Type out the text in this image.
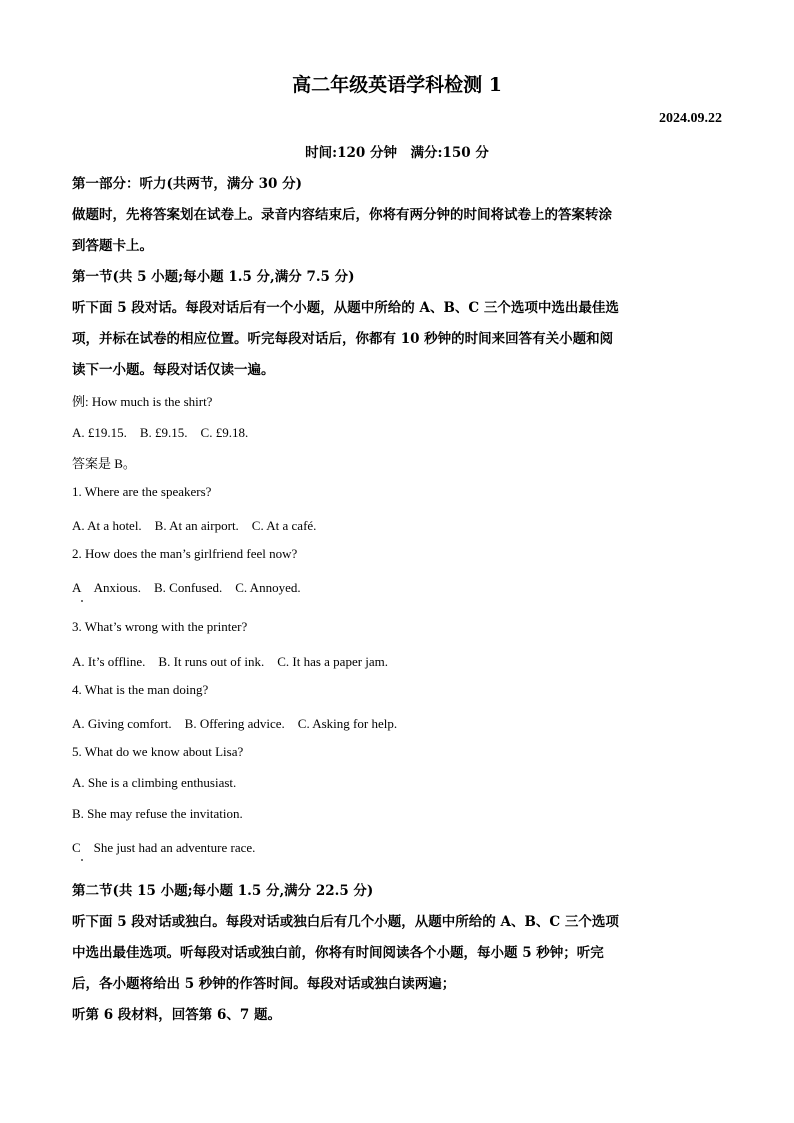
高二年级英语学科检测 1
2024.09.22
时间:120 分钟　满分:150 分
第一部分：听力(共两节，满分 30 分)
做题时，先将答案划在试卷上。录音内容结束后，你将有两分钟的时间将试卷上的答案转涂
到答题卡上。
第一节(共 5 小题;每小题 1.5 分,满分 7.5 分)
听下面 5 段对话。每段对话后有一个小题，从题中所给的 A、B、C 三个选项中选出最佳选
项，并标在试卷的相应位置。听完每段对话后，你都有 10 秒钟的时间来回答有关小题和阅
读下一小题。每段对话仅读一遍。
例: How much is the shirt?
A. £19.15.　B. £9.15.　C. £9.18.
答案是 B。
1. Where are the speakers?
A. At a hotel.　B. At an airport.　C. At a café.
2. How does the man’s girlfriend feel now?
A　Anxious.　B. Confused.　C. Annoyed.
3. What’s wrong with the printer?
A. It’s offline.　B. It runs out of ink.　C. It has a paper jam.
4. What is the man doing?
A. Giving comfort.　B. Offering advice.　C. Asking for help.
5. What do we know about Lisa?
A. She is a climbing enthusiast.
B. She may refuse the invitation.
C　She just had an adventure race.
第二节(共 15 小题;每小题 1.5 分,满分 22.5 分)
听下面 5 段对话或独白。每段对话或独白后有几个小题，从题中所给的 A、B、C 三个选项
中选出最佳选项。听每段对话或独白前，你将有时间阅读各个小题，每小题 5 秒钟；听完
后，各小题将给出 5 秒钟的作答时间。每段对话或独白读两遍；
听第 6 段材料，回答第 6、7 题。
